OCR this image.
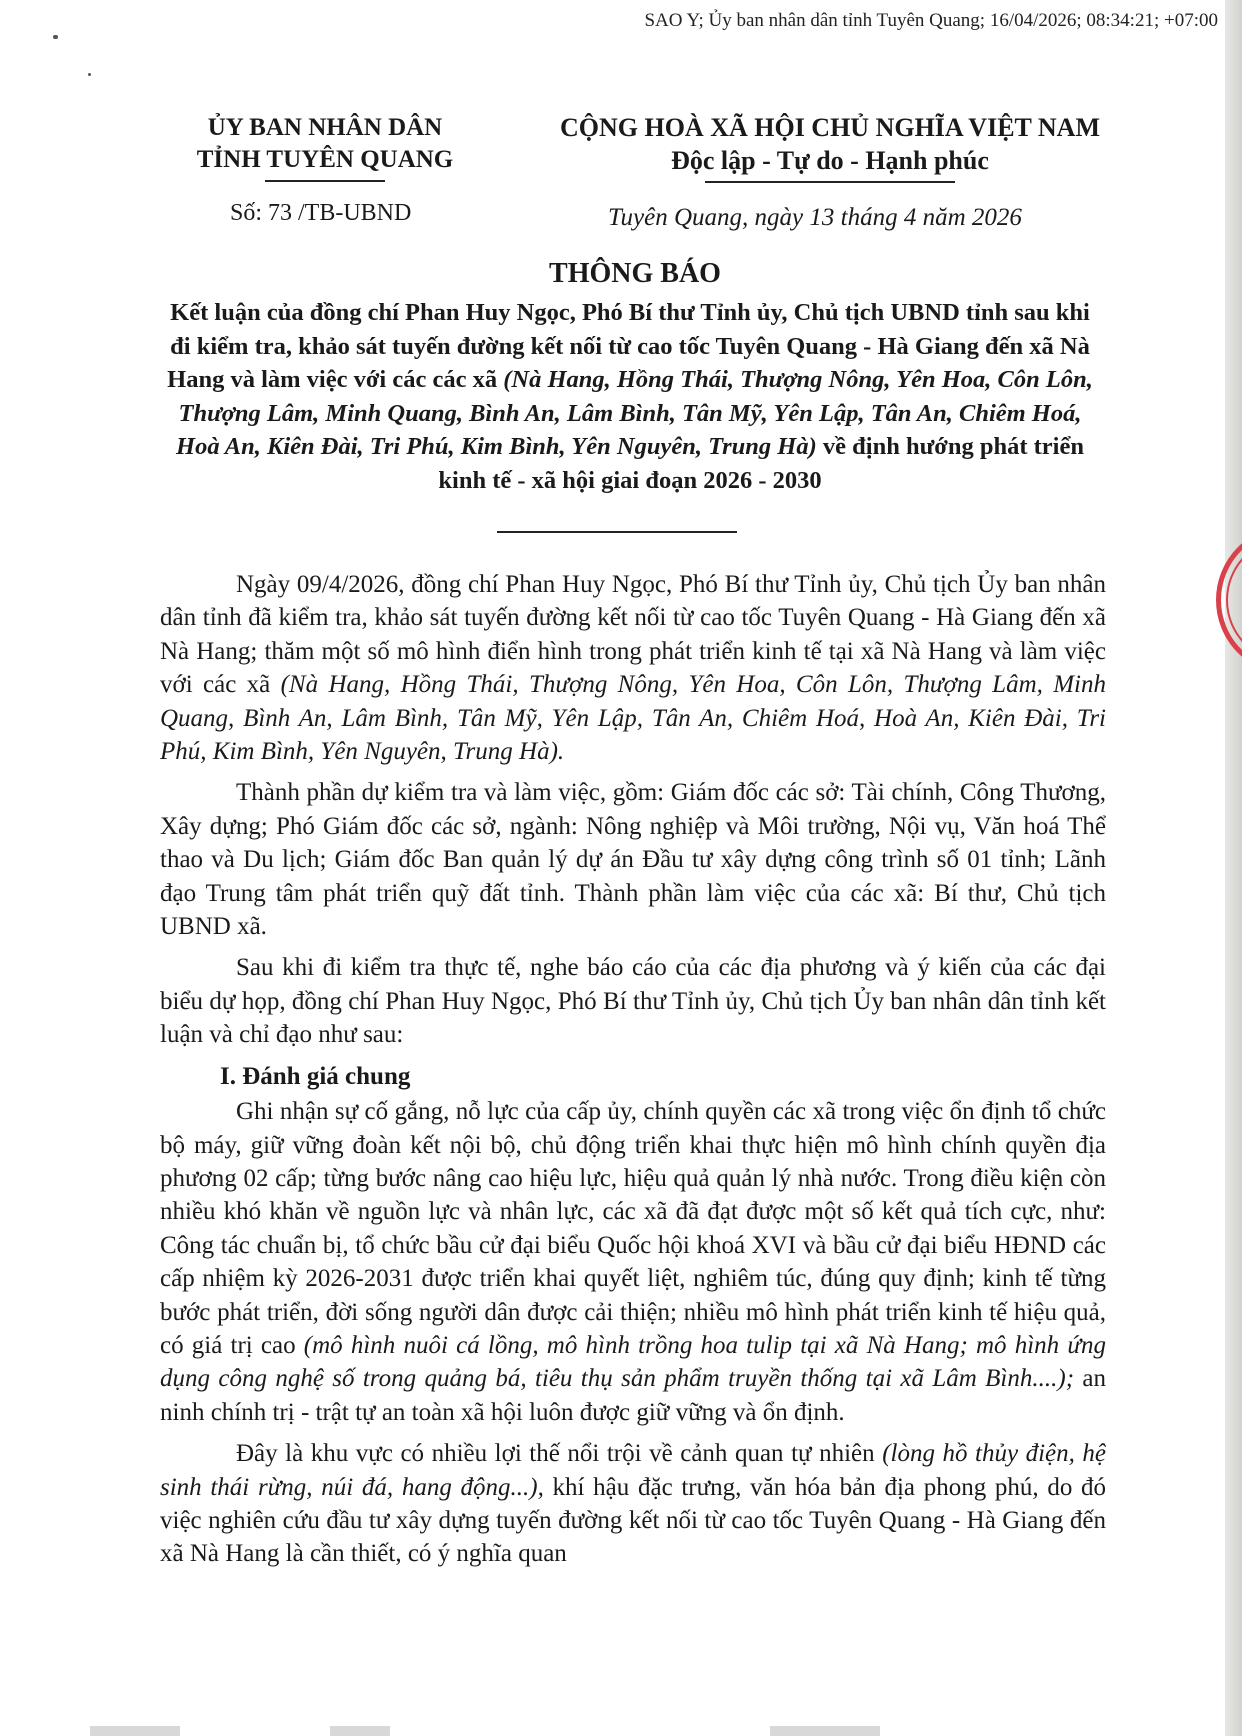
SAO Y; Ủy ban nhân dân tỉnh Tuyên Quang; 16/04/2026; 08:34:21; +07:00
ỦY BAN NHÂN DÂN
TỈNH TUYÊN QUANG
CỘNG HOÀ XÃ HỘI CHỦ NGHĨA VIỆT NAM
Độc lập - Tự do - Hạnh phúc
Số: 73 /TB-UBND	Tuyên Quang, ngày 13 tháng 4 năm 2026
THÔNG BÁO
Kết luận của đồng chí Phan Huy Ngọc, Phó Bí thư Tỉnh ủy, Chủ tịch UBND tỉnh sau khi đi kiểm tra, khảo sát tuyến đường kết nối từ cao tốc Tuyên Quang - Hà Giang đến xã Nà Hang và làm việc với các các xã (Nà Hang, Hồng Thái, Thượng Nông, Yên Hoa, Côn Lôn, Thượng Lâm, Minh Quang, Bình An, Lâm Bình, Tân Mỹ, Yên Lập, Tân An, Chiêm Hoá, Hoà An, Kiên Đài, Tri Phú, Kim Bình, Yên Nguyên, Trung Hà) về định hướng phát triển kinh tế - xã hội giai đoạn 2026 - 2030

Ngày 09/4/2026, đồng chí Phan Huy Ngọc, Phó Bí thư Tỉnh ủy, Chủ tịch Ủy ban nhân dân tỉnh đã kiểm tra, khảo sát tuyến đường kết nối từ cao tốc Tuyên Quang - Hà Giang đến xã Nà Hang; thăm một số mô hình điển hình trong phát triển kinh tế tại xã Nà Hang và làm việc với các xã (Nà Hang, Hồng Thái, Thượng Nông, Yên Hoa, Côn Lôn, Thượng Lâm, Minh Quang, Bình An, Lâm Bình, Tân Mỹ, Yên Lập, Tân An, Chiêm Hoá, Hoà An, Kiên Đài, Tri Phú, Kim Bình, Yên Nguyên, Trung Hà).

Thành phần dự kiểm tra và làm việc, gồm: Giám đốc các sở: Tài chính, Công Thương, Xây dựng; Phó Giám đốc các sở, ngành: Nông nghiệp và Môi trường, Nội vụ, Văn hoá Thể thao và Du lịch; Giám đốc Ban quản lý dự án Đầu tư xây dựng công trình số 01 tỉnh; Lãnh đạo Trung tâm phát triển quỹ đất tỉnh. Thành phần làm việc của các xã: Bí thư, Chủ tịch UBND xã.

Sau khi đi kiểm tra thực tế, nghe báo cáo của các địa phương và ý kiến của các đại biểu dự họp, đồng chí Phan Huy Ngọc, Phó Bí thư Tỉnh ủy, Chủ tịch Ủy ban nhân dân tỉnh kết luận và chỉ đạo như sau:

I. Đánh giá chung

Ghi nhận sự cố gắng, nỗ lực của cấp ủy, chính quyền các xã trong việc ổn định tổ chức bộ máy, giữ vững đoàn kết nội bộ, chủ động triển khai thực hiện mô hình chính quyền địa phương 02 cấp; từng bước nâng cao hiệu lực, hiệu quả quản lý nhà nước. Trong điều kiện còn nhiều khó khăn về nguồn lực và nhân lực, các xã đã đạt được một số kết quả tích cực, như: Công tác chuẩn bị, tổ chức bầu cử đại biểu Quốc hội khoá XVI và bầu cử đại biểu HĐND các cấp nhiệm kỳ 2026-2031 được triển khai quyết liệt, nghiêm túc, đúng quy định; kinh tế từng bước phát triển, đời sống người dân được cải thiện; nhiều mô hình phát triển kinh tế hiệu quả, có giá trị cao (mô hình nuôi cá lồng, mô hình trồng hoa tulip tại xã Nà Hang; mô hình ứng dụng công nghệ số trong quảng bá, tiêu thụ sản phẩm truyền thống tại xã Lâm Bình....); an ninh chính trị - trật tự an toàn xã hội luôn được giữ vững và ổn định.

Đây là khu vực có nhiều lợi thế nổi trội về cảnh quan tự nhiên (lòng hồ thủy điện, hệ sinh thái rừng, núi đá, hang động...), khí hậu đặc trưng, văn hóa bản địa phong phú, do đó việc nghiên cứu đầu tư xây dựng tuyến đường kết nối từ cao tốc Tuyên Quang - Hà Giang đến xã Nà Hang là cần thiết, có ý nghĩa quan
